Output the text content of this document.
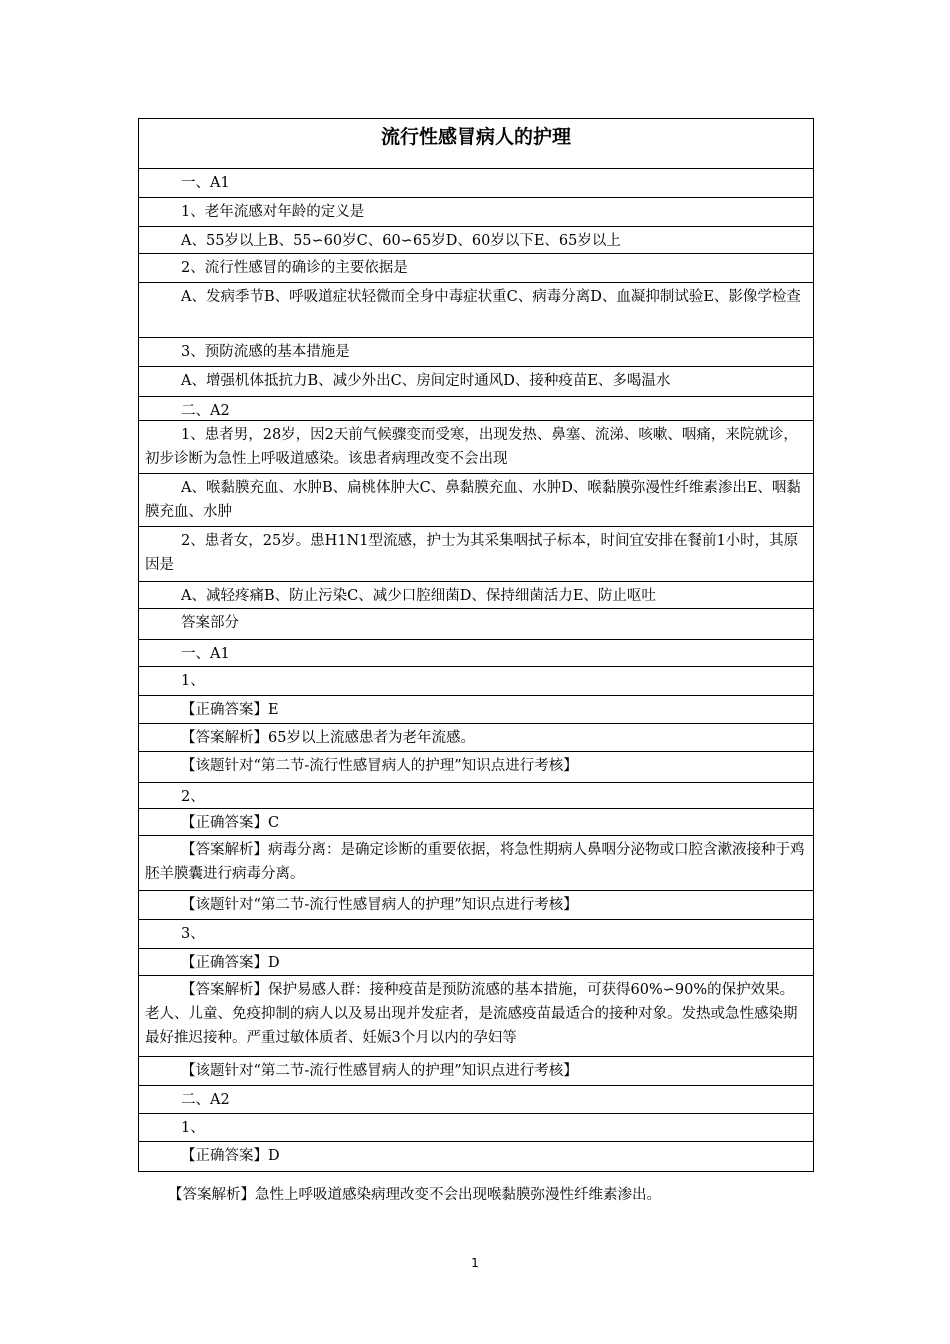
流行性感冒病人的护理
一、A1
1、老年流感对年龄的定义是
A、55岁以上B、55∽60岁C、60∽65岁D、60岁以下E、65岁以上
2、流行性感冒的确诊的主要依据是
A、发病季节B、呼吸道症状轻微而全身中毒症状重C、病毒分离D、血凝抑制试验E、影像学检查
3、预防流感的基本措施是
A、增强机体抵抗力B、减少外出C、房间定时通风D、接种疫苗E、多喝温水
二、A2
1、患者男，28岁，因2天前气候骤变而受寒，出现发热、鼻塞、流涕、咳嗽、咽痛，来院就诊，初步诊断为急性上呼吸道感染。该患者病理改变不会出现
A、喉黏膜充血、水肿B、扁桃体肿大C、鼻黏膜充血、水肿D、喉黏膜弥漫性纤维素渗出E、咽黏膜充血、水肿
2、患者女，25岁。患H1N1型流感，护士为其采集咽拭子标本，时间宜安排在餐前1小时，其原因是
A、减轻疼痛B、防止污染C、减少口腔细菌D、保持细菌活力E、防止呕吐
答案部分
一、A1
1、
【正确答案】E
【答案解析】65岁以上流感患者为老年流感。
【该题针对“第二节-流行性感冒病人的护理”知识点进行考核】
2、
【正确答案】C
【答案解析】病毒分离：是确定诊断的重要依据，将急性期病人鼻咽分泌物或口腔含漱液接种于鸡胚羊膜囊进行病毒分离。
【该题针对“第二节-流行性感冒病人的护理”知识点进行考核】
3、
【正确答案】D
【答案解析】保护易感人群：接种疫苗是预防流感的基本措施，可获得60%∽90%的保护效果。老人、儿童、免疫抑制的病人以及易出现并发症者，是流感疫苗最适合的接种对象。发热或急性感染期最好推迟接种。严重过敏体质者、妊娠3个月以内的孕妇等
【该题针对“第二节-流行性感冒病人的护理”知识点进行考核】
二、A2
1、
【正确答案】D
【答案解析】急性上呼吸道感染病理改变不会出现喉黏膜弥漫性纤维素渗出。
1
